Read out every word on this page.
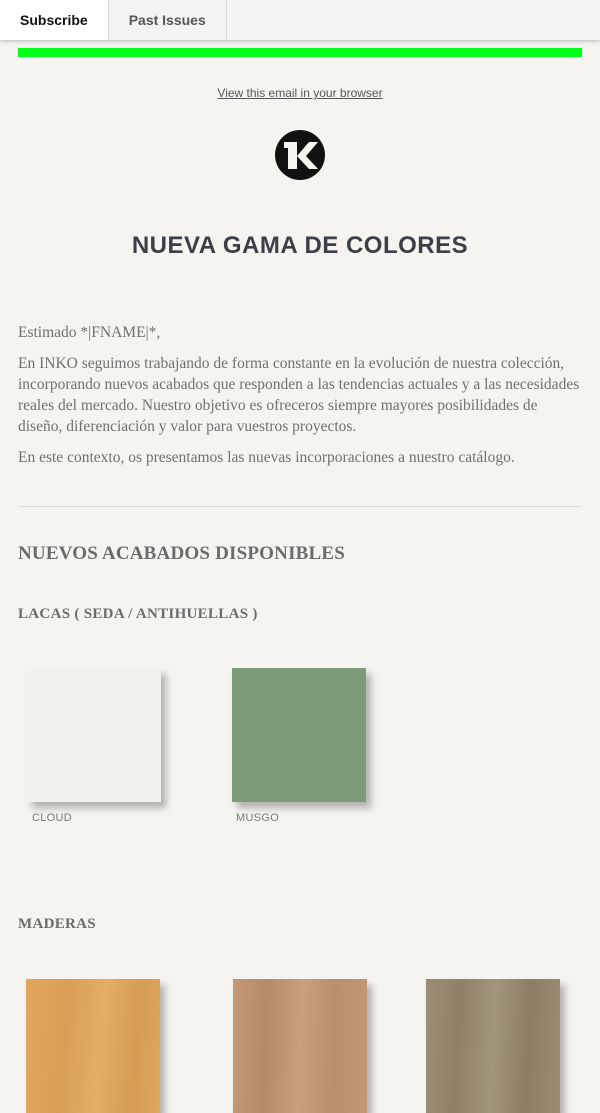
Subscribe	Past Issues
View this email in your browser
NUEVA GAMA DE COLORES

Estimado *|FNAME|*,

En INKO seguimos trabajando de forma constante en la evolución de nuestra colección, incorporando nuevos acabados que responden a las tendencias actuales y a las necesidades reales del mercado. Nuestro objetivo es ofreceros siempre mayores posibilidades de diseño, diferenciación y valor para vuestros proyectos.

En este contexto, os presentamos las nuevas incorporaciones a nuestro catálogo.

NUEVOS ACABADOS DISPONIBLES
LACAS ( SEDA / ANTIHUELLAS )
CLOUD	MUSGO
MADERAS
